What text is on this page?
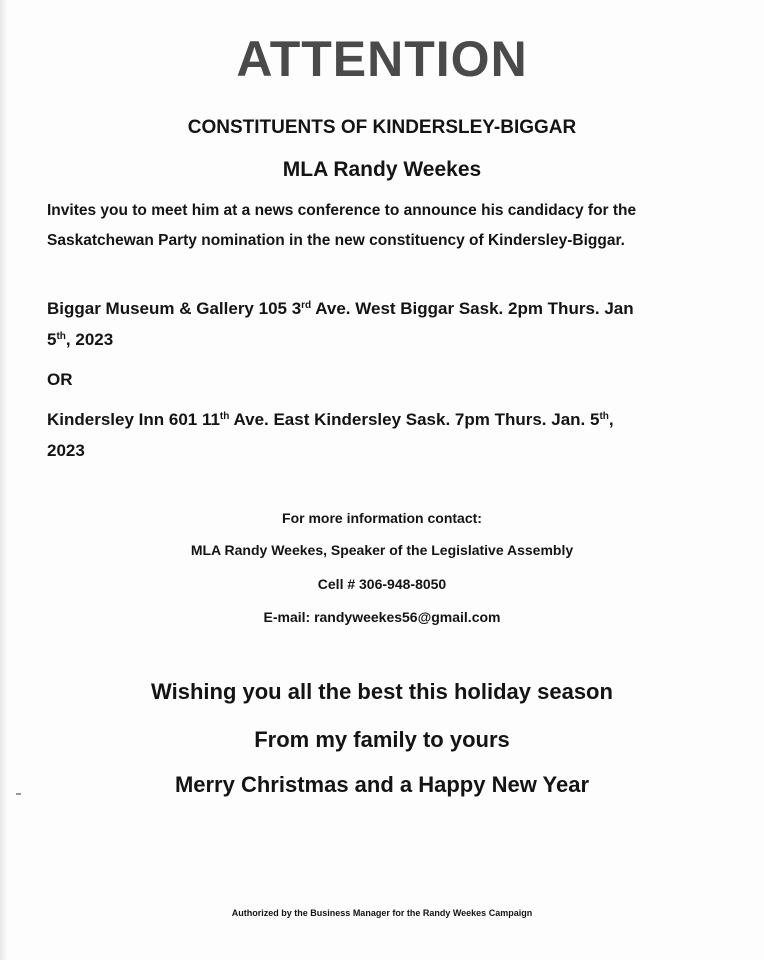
ATTENTION
CONSTITUENTS OF KINDERSLEY-BIGGAR
MLA Randy Weekes
Invites you to meet him at a news conference to announce his candidacy for the
Saskatchewan Party nomination in the new constituency of Kindersley-Biggar.
Biggar Museum & Gallery 105 3rd Ave. West Biggar Sask. 2pm Thurs. Jan
5th, 2023
OR
Kindersley Inn 601 11th Ave. East Kindersley Sask. 7pm Thurs. Jan. 5th,
2023
For more information contact:
MLA Randy Weekes, Speaker of the Legislative Assembly
Cell # 306-948-8050
E-mail: randyweekes56@gmail.com
Wishing you all the best this holiday season
From my family to yours
Merry Christmas and a Happy New Year
Authorized by the Business Manager for the Randy Weekes Campaign
